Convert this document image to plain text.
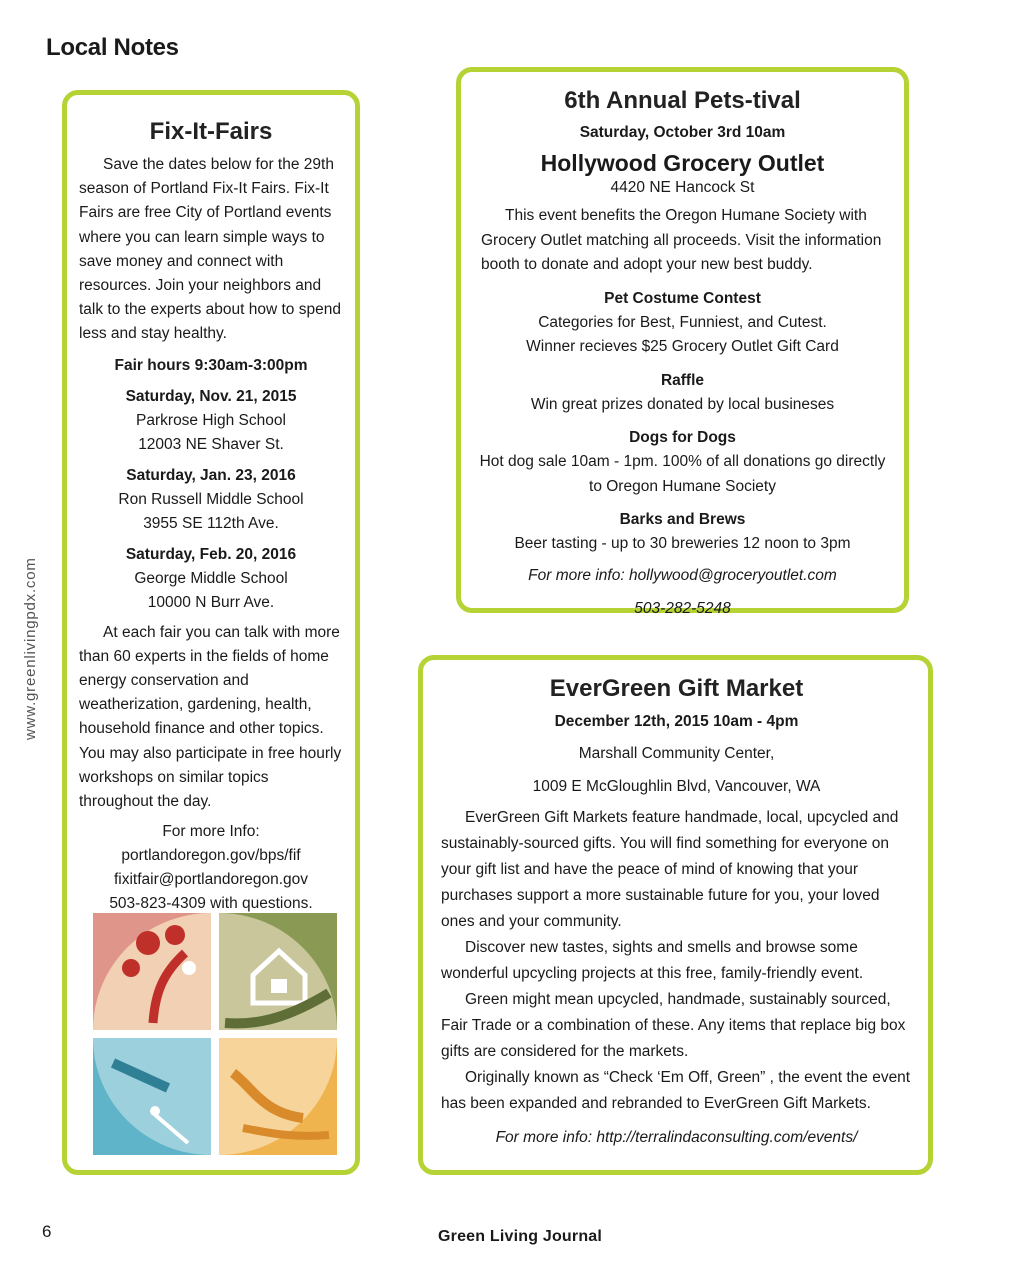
Local Notes
www.greenlivingpdx.com
Fix-It-Fairs

Save the dates below for the 29th season of Portland Fix-It Fairs. Fix-It Fairs are free City of Portland events where you can learn simple ways to save money and connect with resources. Join your neighbors and talk to the experts about how to spend less and stay healthy.

Fair hours 9:30am-3:00pm

Saturday, Nov. 21, 2015
Parkrose High School
12003 NE Shaver St.
Saturday, Jan. 23, 2016
Ron Russell Middle School
3955 SE 112th Ave.
Saturday, Feb. 20, 2016
George Middle School
10000 N Burr Ave.

At each fair you can talk with more than 60 experts in the fields of home energy conservation and weatherization, gardening, health, household finance and other topics. You may also participate in free hourly workshops on similar topics throughout the day.

For more Info:
portlandoregon.gov/bps/fif
fixitfair@portlandoregon.gov
503-823-4309 with questions.
6th Annual Pets-tival
Saturday, October 3rd 10am
Hollywood Grocery Outlet
4420 NE Hancock St

This event benefits the Oregon Humane Society with Grocery Outlet matching all proceeds. Visit the information booth to donate and adopt your new best buddy.

Pet Costume Contest
Categories for Best, Funniest, and Cutest.
Winner recieves $25 Grocery Outlet Gift Card
Raffle
Win great prizes donated by local busineses
Dogs for Dogs
Hot dog sale 10am - 1pm. 100% of all donations go directly
to Oregon Humane Society
Barks and Brews
Beer tasting - up to 30 breweries 12 noon to 3pm
For more info: hollywood@groceryoutlet.com
503-282-5248
EverGreen Gift Market
December 12th, 2015 10am - 4pm
Marshall Community Center,
1009 E McGloughlin Blvd, Vancouver, WA

EverGreen Gift Markets feature handmade, local, upcycled and sustainably-sourced gifts. You will find something for everyone on your gift list and have the peace of mind of knowing that your purchases support a more sustainable future for you, your loved ones and your community.

Discover new tastes, sights and smells and browse some wonderful upcycling projects at this free, family-friendly event.

Green might mean upcycled, handmade, sustainably sourced, Fair Trade or a combination of these. Any items that replace big box gifts are considered for the markets.

Originally known as “Check ‘Em Off, Green” , the event the event has been expanded and rebranded to EverGreen Gift Markets.

For more info: http://terralindaconsulting.com/events/
6	Green Living Journal
